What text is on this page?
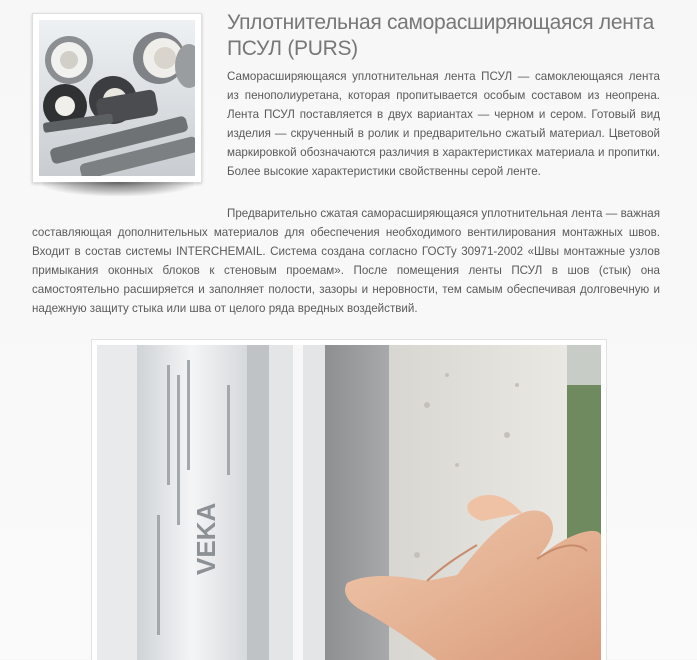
Уплотнительная саморасширяющаяся лента ПСУЛ (PURS)

Саморасширяющаяся уплотнительная лента ПСУЛ — самоклеющаяся лента из пенополиуретана, которая пропитывается особым составом из неопрена. Лента ПСУЛ поставляется в двух вариантах — черном и сером. Готовый вид изделия — скрученный в ролик и предварительно сжатый материал. Цветовой маркировкой обозначаются различия в характеристиках материала и пропитки. Более высокие характеристики свойственны серой ленте.

Предварительно сжатая саморасширяющаяся уплотнительная лента — важная составляющая дополнительных материалов для обеспечения необходимого вентилирования монтажных швов. Входит в состав системы INTERCHEMAIL. Система создана согласно ГОСТу 30971-2002 «Швы монтажные узлов примыкания оконных блоков к стеновым проемам». После помещения ленты ПСУЛ в шов (стык) она самостоятельно расширяется и заполняет полости, зазоры и неровности, тем самым обеспечивая долговечную и надежную защиту стыка или шва от целого ряда вредных воздействий.

VEKA
